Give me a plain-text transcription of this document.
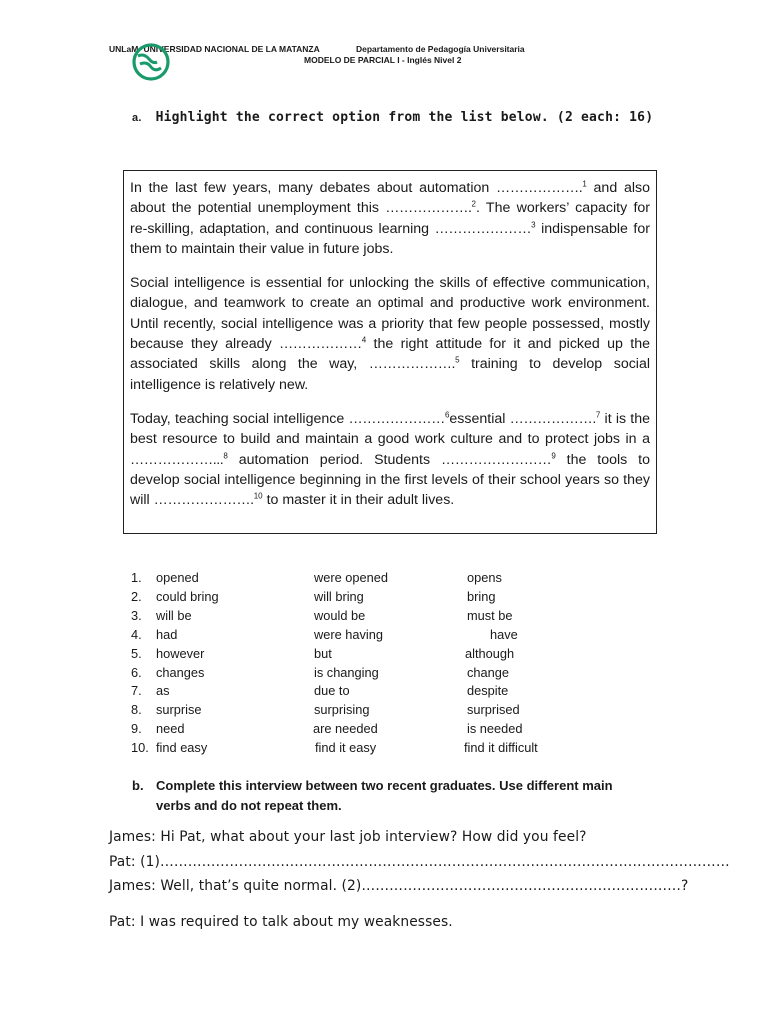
UNLaM- UNIVERSIDAD NACIONAL DE LA MATANZA	Departamento de Pedagogía Universitaria
MODELO DE PARCIAL I - Inglés Nivel 2
a. Highlight the correct option from the list below. (2 each: 16)

In the last few years, many debates about automation ……………….$^1$ and also about the potential unemployment this ……………….$^2$. The workers’ capacity for re-skilling, adaptation, and continuous learning …………………$^3$ indispensable for them to maintain their value in future jobs.

Social intelligence is essential for unlocking the skills of effective communication, dialogue, and teamwork to create an optimal and productive work environment. Until recently, social intelligence was a priority that few people possessed, mostly because they already ………………$^4$ the right attitude for it and picked up the associated skills along the way, ……………….$^5$ training to develop social intelligence is relatively new.

Today, teaching social intelligence …………………$^6$essential ……………….$^7$ it is the best resource to build and maintain a good work culture and to protect jobs in a ………………...$^8$ automation period. Students ……………………$^9$ the tools to develop social intelligence beginning in the first levels of their school years so they will ………………….$^{10}$ to master it in their adult lives.

1. opened	were opened	opens
2. could bring	will bring	bring
3. will be	would be	must be
4. had	were having	have
5. however	but	although
6. changes	is changing	change
7. as	due to	despite
8. surprise	surprising	surprised
9. need	are needed	is needed
10. find easy	find it easy	find it difficult
b. Complete this interview between two recent graduates. Use different main
verbs and do not repeat them.
James: Hi Pat, what about your last job interview? How did you feel?
Pat: (1)……………………………………………………………………………………………………………
James: Well, that’s quite normal. (2)……………………………………………………………?
Pat: I was required to talk about my weaknesses.
